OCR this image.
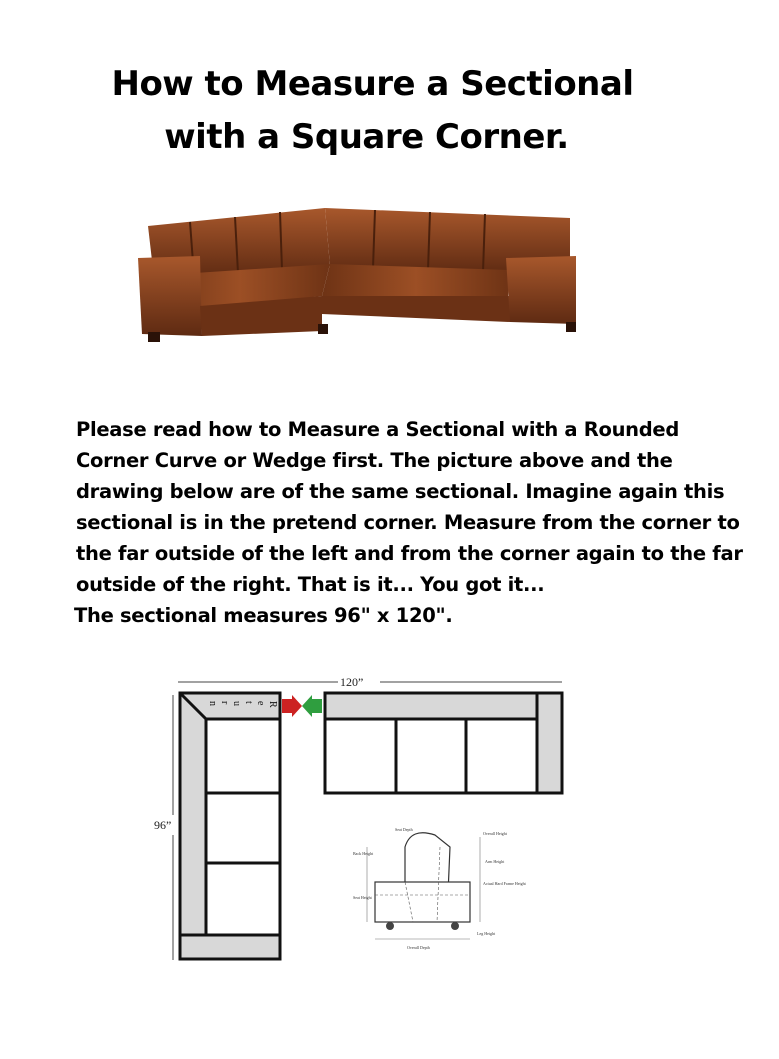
How to Measure a Sectional
with a Square Corner.

Please read how to Measure a Sectional with a Rounded Corner Curve or Wedge first. The picture above and the drawing below are of the same sectional. Imagine again this sectional is in the pretend corner. Measure from the corner to the far outside of the left and from the corner again to the far outside of the right. That is it... You got it...

The sectional measures 96" x 120".

120”
96”
R
e
t
u
r
n
Back Height
Seat Depth
Overall Height
Arm Height
Seat Height
Actual Hard Frame Height
Overall Depth
Leg Height
